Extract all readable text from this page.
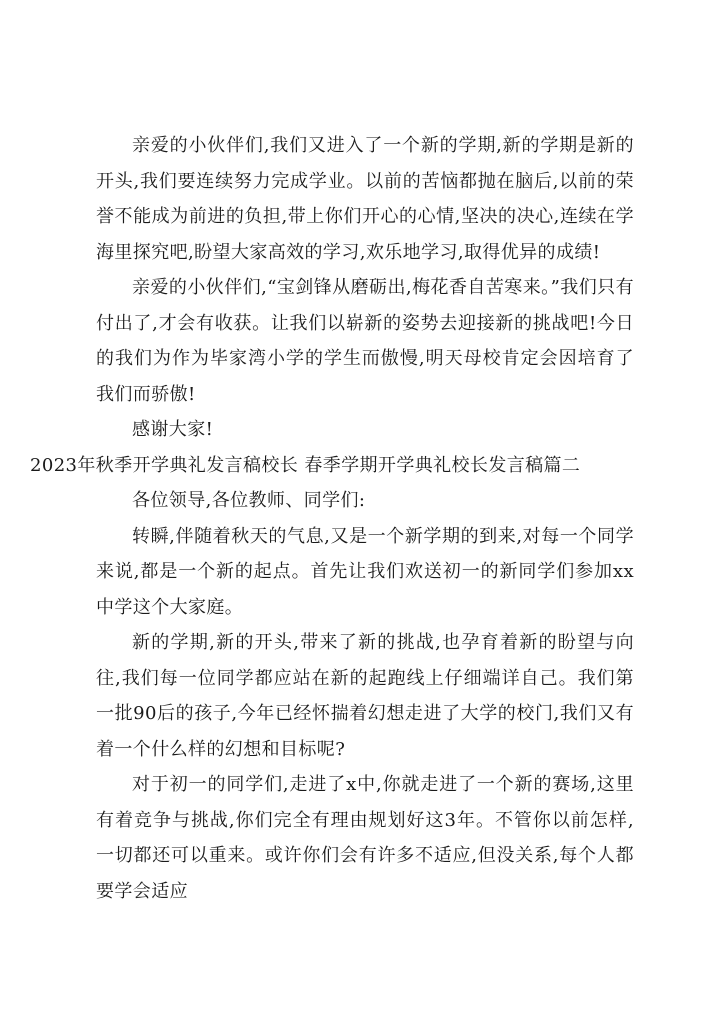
亲爱的小伙伴们,我们又进入了一个新的学期,新的学期是新的开头,我们要连续努力完成学业。以前的苦恼都抛在脑后,以前的荣誉不能成为前进的负担,带上你们开心的心情,坚决的决心,连续在学海里探究吧,盼望大家高效的学习,欢乐地学习,取得优异的成绩!

亲爱的小伙伴们,“宝剑锋从磨砺出,梅花香自苦寒来。”我们只有付出了,才会有收获。让我们以崭新的姿势去迎接新的挑战吧!今日的我们为作为毕家湾小学的学生而傲慢,明天母校肯定会因培育了我们而骄傲!

感谢大家!

2023年秋季开学典礼发言稿校长 春季学期开学典礼校长发言稿篇二

各位领导,各位教师、同学们:

转瞬,伴随着秋天的气息,又是一个新学期的到来,对每一个同学来说,都是一个新的起点。首先让我们欢送初一的新同学们参加xx中学这个大家庭。

新的学期,新的开头,带来了新的挑战,也孕育着新的盼望与向往,我们每一位同学都应站在新的起跑线上仔细端详自己。我们第一批90后的孩子,今年已经怀揣着幻想走进了大学的校门,我们又有着一个什么样的幻想和目标呢?

对于初一的同学们,走进了x中,你就走进了一个新的赛场,这里有着竞争与挑战,你们完全有理由规划好这3年。不管你以前怎样,一切都还可以重来。或许你们会有许多不适应,但没关系,每个人都要学会适应
